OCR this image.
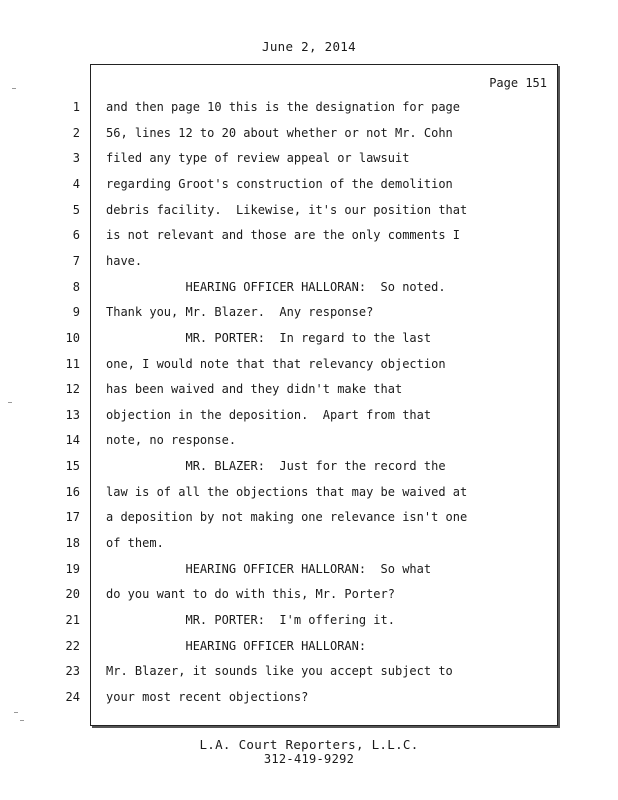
June 2, 2014
Page 151
1
2
3
4
5
6
7
8
9
10
11
12
13
14
15
16
17
18
19
20
21
22
23
24
and then page 10 this is the designation for page
56, lines 12 to 20 about whether or not Mr. Cohn
filed any type of review appeal or lawsuit
regarding Groot's construction of the demolition
debris facility.  Likewise, it's our position that
is not relevant and those are the only comments I
have.
HEARING OFFICER HALLORAN:  So noted.
Thank you, Mr. Blazer.  Any response?
MR. PORTER:  In regard to the last
one, I would note that that relevancy objection
has been waived and they didn't make that
objection in the deposition.  Apart from that
note, no response.
MR. BLAZER:  Just for the record the
law is of all the objections that may be waived at
a deposition by not making one relevance isn't one
of them.
HEARING OFFICER HALLORAN:  So what
do you want to do with this, Mr. Porter?
MR. PORTER:  I'm offering it.
HEARING OFFICER HALLORAN:
Mr. Blazer, it sounds like you accept subject to
your most recent objections?
L.A. Court Reporters, L.L.C.
312-419-9292
